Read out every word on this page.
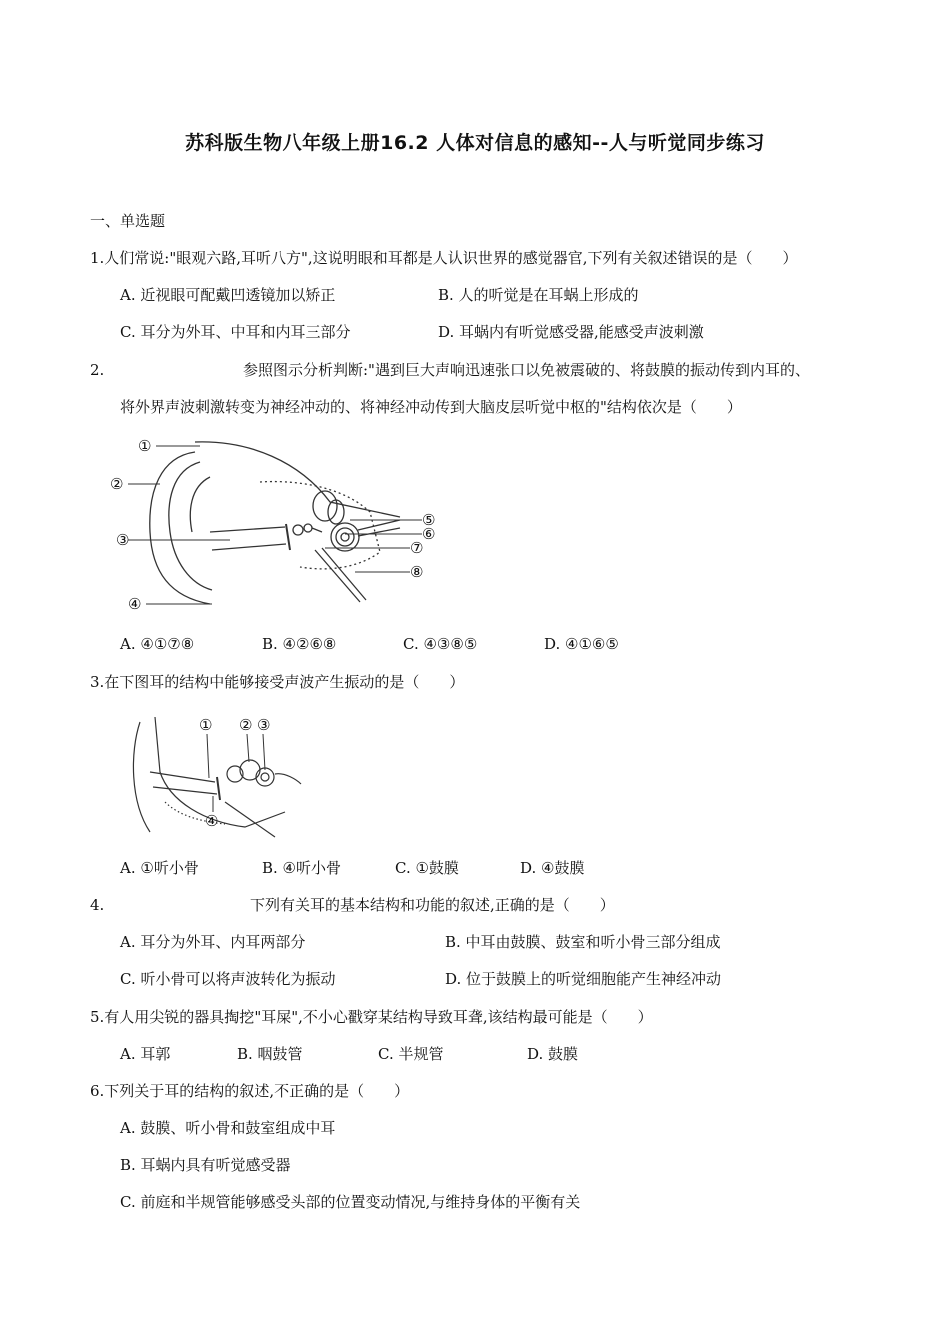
苏科版生物八年级上册16.2 人体对信息的感知--人与听觉同步练习
一、单选题
1.人们常说:"眼观六路,耳听八方",这说明眼和耳都是人认识世界的感觉器官,下列有关叙述错误的是（　　）
A. 近视眼可配戴凹透镜加以矫正	B. 人的听觉是在耳蜗上形成的
C. 耳分为外耳、中耳和内耳三部分	D. 耳蜗内有听觉感受器,能感受声波刺激
2.	参照图示分析判断:"遇到巨大声响迅速张口以免被震破的、将鼓膜的振动传到内耳的、
将外界声波刺激转变为神经冲动的、将神经冲动传到大脑皮层听觉中枢的"结构依次是（　　）
①
②
③
④
⑤
⑥
⑦
⑧
A. ④①⑦⑧	B. ④②⑥⑧	C. ④③⑧⑤	D. ④①⑥⑤
3.在下图耳的结构中能够接受声波产生振动的是（　　）
① ② ③
④
A. ①听小骨	B. ④听小骨	C. ①鼓膜	D. ④鼓膜
4.	下列有关耳的基本结构和功能的叙述,正确的是（　　）
A. 耳分为外耳、内耳两部分	B. 中耳由鼓膜、鼓室和听小骨三部分组成
C. 听小骨可以将声波转化为振动	D. 位于鼓膜上的听觉细胞能产生神经冲动
5.有人用尖锐的器具掏挖"耳屎",不小心戳穿某结构导致耳聋,该结构最可能是（　　）
A. 耳郭	B. 咽鼓管	C. 半规管	D. 鼓膜
6.下列关于耳的结构的叙述,不正确的是（　　）
A. 鼓膜、听小骨和鼓室组成中耳
B. 耳蜗内具有听觉感受器
C. 前庭和半规管能够感受头部的位置变动情况,与维持身体的平衡有关
